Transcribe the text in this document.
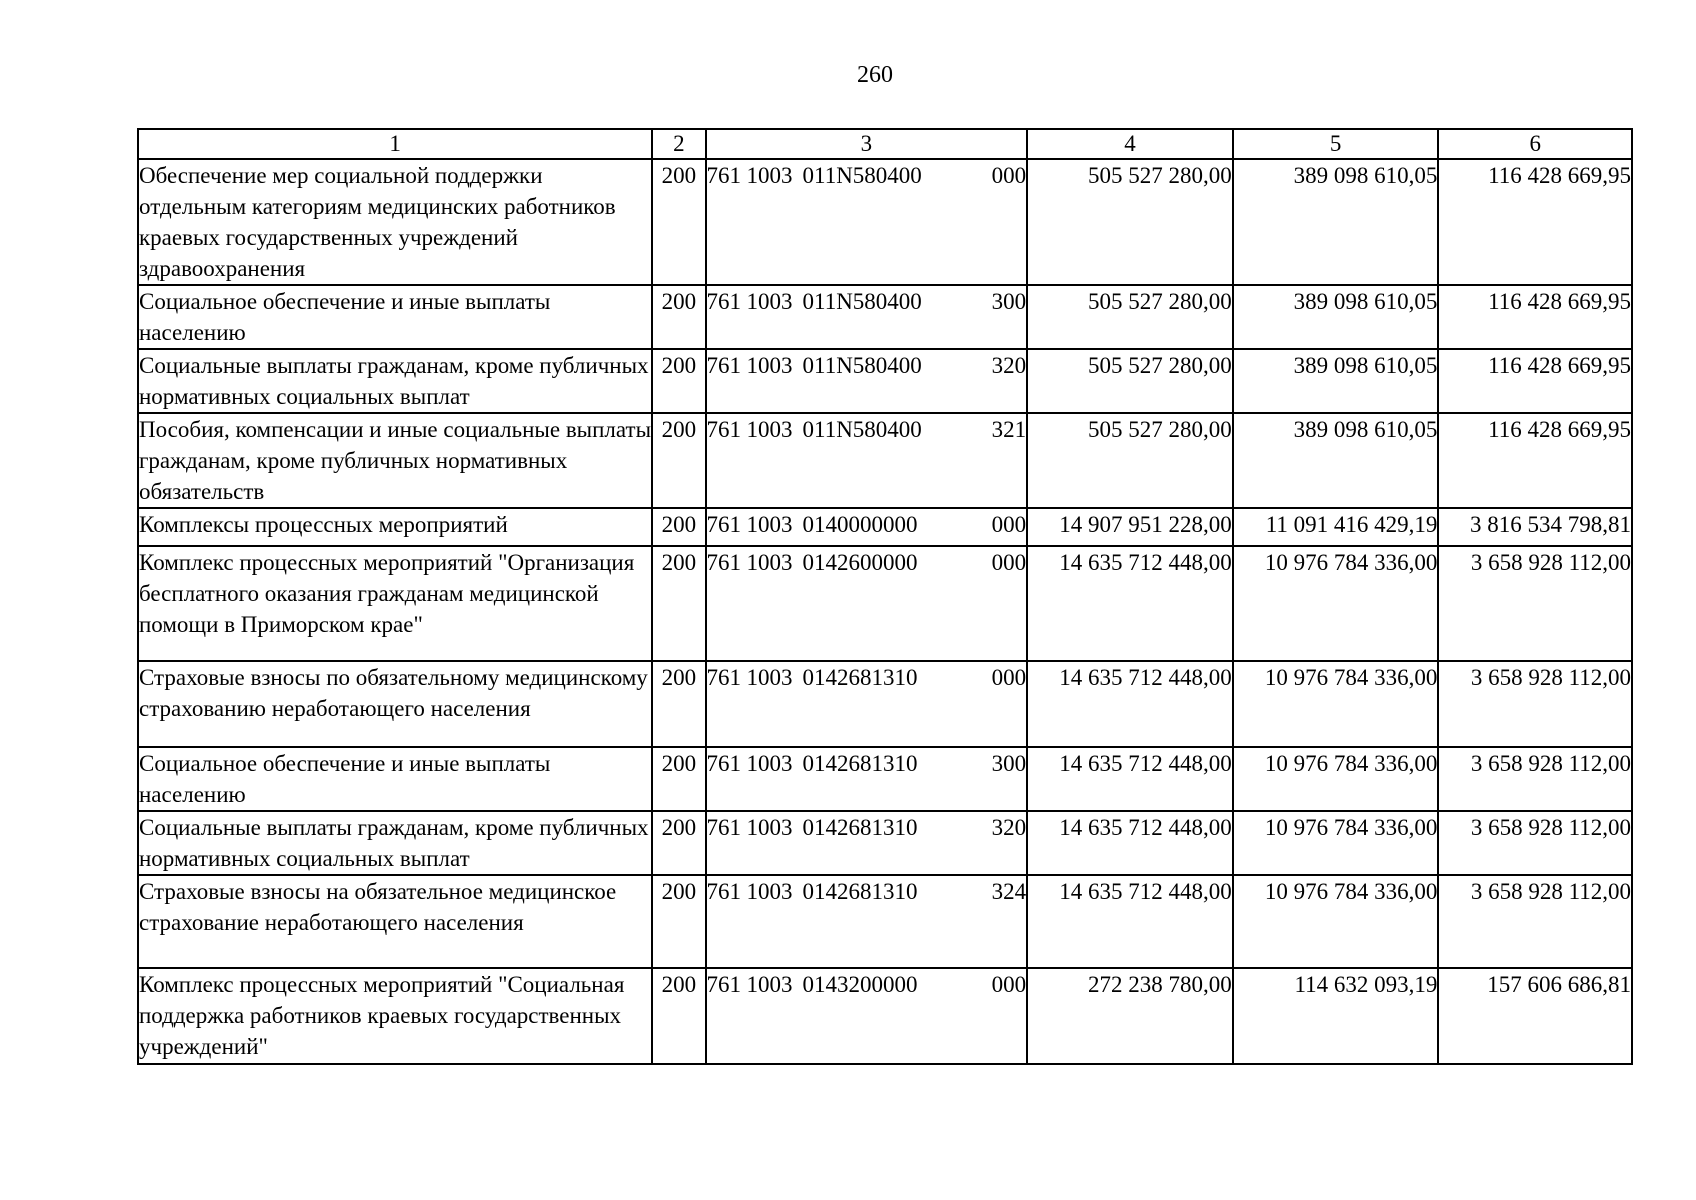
260
1	2	3	4	5	6
Обеспечение мер социальной поддержки отдельным категориям медицинских работников краевых государственных учреждений здравоохранения	200	761 1003 011N580400 000	505 527 280,00	389 098 610,05	116 428 669,95
Социальное обеспечение и иные выплаты населению	200	761 1003 011N580400 300	505 527 280,00	389 098 610,05	116 428 669,95
Социальные выплаты гражданам, кроме публичных нормативных социальных выплат	200	761 1003 011N580400 320	505 527 280,00	389 098 610,05	116 428 669,95
Пособия, компенсации и иные социальные выплаты гражданам, кроме публичных нормативных обязательств	200	761 1003 011N580400 321	505 527 280,00	389 098 610,05	116 428 669,95
Комплексы процессных мероприятий	200	761 1003 0140000000 000	14 907 951 228,00	11 091 416 429,19	3 816 534 798,81
Комплекс процессных мероприятий "Организация бесплатного оказания гражданам медицинской помощи в Приморском крае"	200	761 1003 0142600000 000	14 635 712 448,00	10 976 784 336,00	3 658 928 112,00
Страховые взносы по обязательному медицинскому страхованию неработающего населения	200	761 1003 0142681310 000	14 635 712 448,00	10 976 784 336,00	3 658 928 112,00
Социальное обеспечение и иные выплаты населению	200	761 1003 0142681310 300	14 635 712 448,00	10 976 784 336,00	3 658 928 112,00
Социальные выплаты гражданам, кроме публичных нормативных социальных выплат	200	761 1003 0142681310 320	14 635 712 448,00	10 976 784 336,00	3 658 928 112,00
Страховые взносы на обязательное медицинское страхование неработающего населения	200	761 1003 0142681310 324	14 635 712 448,00	10 976 784 336,00	3 658 928 112,00
Комплекс процессных мероприятий "Социальная поддержка работников краевых государственных учреждений"	200	761 1003 0143200000 000	272 238 780,00	114 632 093,19	157 606 686,81
